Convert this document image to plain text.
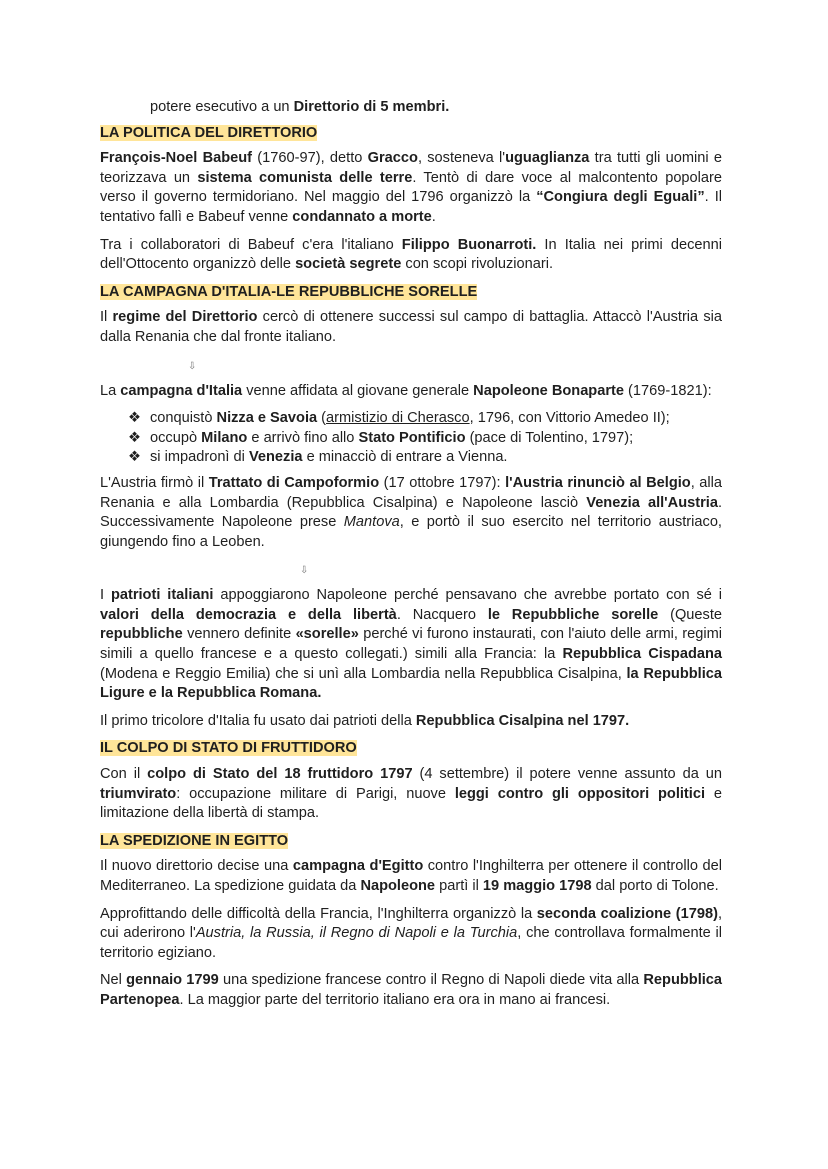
potere esecutivo a un Direttorio di 5 membri.

LA POLITICA DEL DIRETTORIO

François-Noel Babeuf (1760-97), detto Gracco, sosteneva l'uguaglianza tra tutti gli uomini e teorizzava un sistema comunista delle terre. Tentò di dare voce al malcontento popolare verso il governo termidoriano. Nel maggio del 1796 organizzò la “Congiura degli Eguali”. Il tentativo fallì e Babeuf venne condannato a morte.

Tra i collaboratori di Babeuf c'era l'italiano Filippo Buonarroti. In Italia nei primi decenni dell'Ottocento organizzò delle società segrete con scopi rivoluzionari.

LA CAMPAGNA D'ITALIA-LE REPUBBLICHE SORELLE

Il regime del Direttorio cercò di ottenere successi sul campo di battaglia. Attaccò l'Austria sia dalla Renania che dal fronte italiano.

⇩

La campagna d'Italia venne affidata al giovane generale Napoleone Bonaparte (1769-1821):

❖ conquistò Nizza e Savoia (armistizio di Cherasco, 1796, con Vittorio Amedeo II);
❖ occupò Milano e arrivò fino allo Stato Pontificio (pace di Tolentino, 1797);
❖ si impadronì di Venezia e minacciò di entrare a Vienna.

L'Austria firmò il Trattato di Campoformio (17 ottobre 1797): l'Austria rinunciò al Belgio, alla Renania e alla Lombardia (Repubblica Cisalpina) e Napoleone lasciò Venezia all'Austria. Successivamente Napoleone prese Mantova, e portò il suo esercito nel territorio austriaco, giungendo fino a Leoben.

⇩

I patrioti italiani appoggiarono Napoleone perché pensavano che avrebbe portato con sé i valori della democrazia e della libertà. Nacquero le Repubbliche sorelle (Queste repubbliche vennero definite «sorelle» perché vi furono instaurati, con l'aiuto delle armi, regimi simili a quello francese e a questo collegati.) simili alla Francia: la Repubblica Cispadana (Modena e Reggio Emilia) che si unì alla Lombardia nella Repubblica Cisalpina, la Repubblica Ligure e la Repubblica Romana.

Il primo tricolore d'Italia fu usato dai patrioti della Repubblica Cisalpina nel 1797.

IL COLPO DI STATO DI FRUTTIDORO

Con il colpo di Stato del 18 fruttidoro 1797 (4 settembre) il potere venne assunto da un triumvirato: occupazione militare di Parigi, nuove leggi contro gli oppositori politici e limitazione della libertà di stampa.

LA SPEDIZIONE IN EGITTO

Il nuovo direttorio decise una campagna d'Egitto contro l'Inghilterra per ottenere il controllo del Mediterraneo. La spedizione guidata da Napoleone partì il 19 maggio 1798 dal porto di Tolone.

Approfittando delle difficoltà della Francia, l'Inghilterra organizzò la seconda coalizione (1798), cui aderirono l'Austria, la Russia, il Regno di Napoli e la Turchia, che controllava formalmente il territorio egiziano.

Nel gennaio 1799 una spedizione francese contro il Regno di Napoli diede vita alla Repubblica Partenopea. La maggior parte del territorio italiano era ora in mano ai francesi.
